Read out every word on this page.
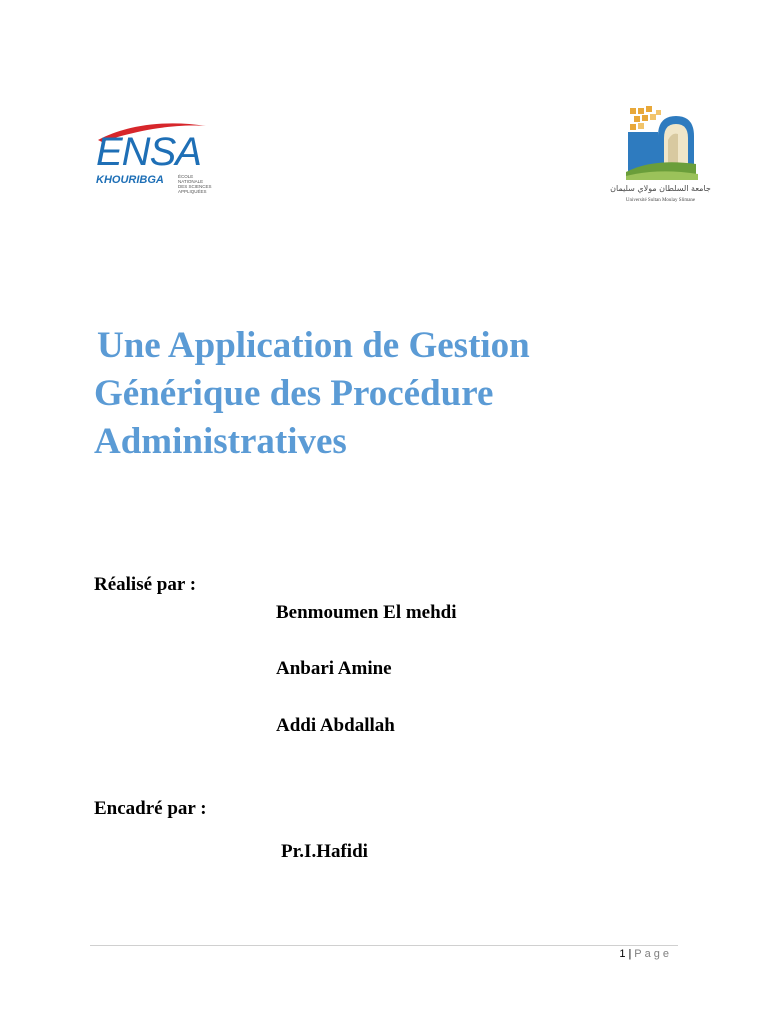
ENSA
KHOURIBGA	ÉCOLE
NATIONALE
DES SCIENCES
APPLIQUÉES	جامعة السلطان مولاي سليمان
Université Sultan Moulay Slimane
Une Application de Gestion
Générique des Procédure
Administratives
Réalisé par :
Benmoumen El mehdi
Anbari Amine
Addi Abdallah
Encadré par :
Pr.I.Hafidi
1 | Page
